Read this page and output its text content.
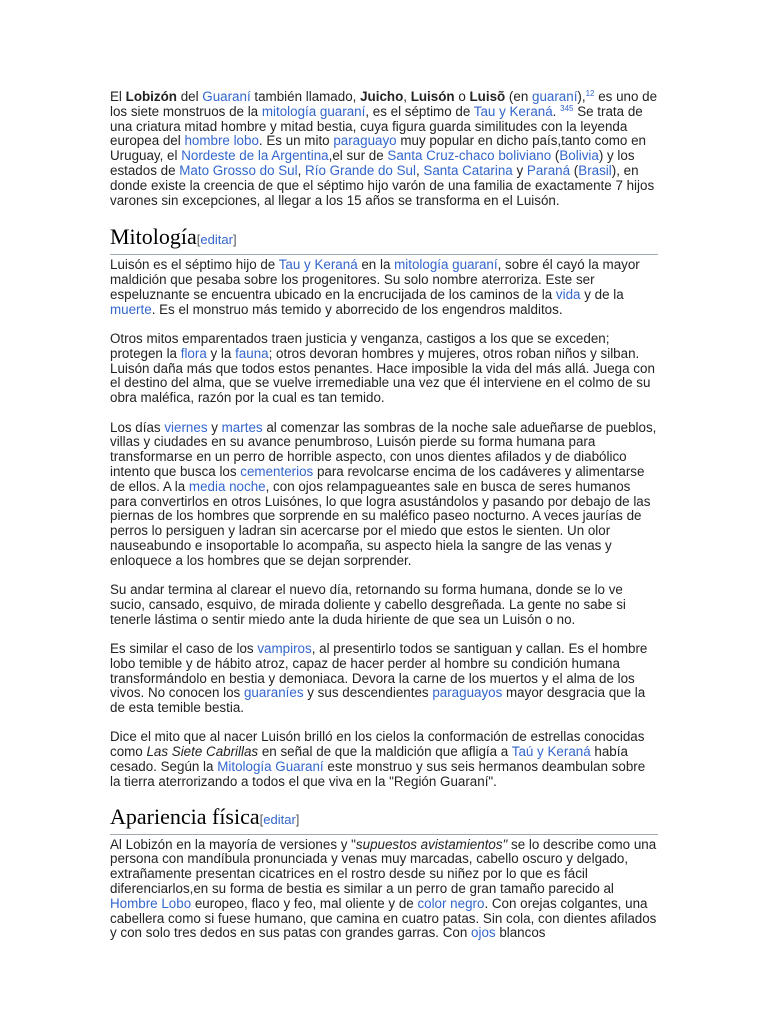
El Lobizón del Guaraní también llamado, Juicho, Luisón o Luisõ (en guaraní),$^{12}$ es uno de los siete monstruos de la mitología guaraní, es el séptimo de Tau y Keraná. $^{345}$ Se trata de una criatura mitad hombre y mitad bestia, cuya figura guarda similitudes con la leyenda europea del hombre lobo. Es un mito paraguayo muy popular en dicho país,tanto como en Uruguay, el Nordeste de la Argentina,el sur de Santa Cruz-chaco boliviano (Bolivia) y los estados de Mato Grosso do Sul, Río Grande do Sul, Santa Catarina y Paraná (Brasil), en donde existe la creencia de que el séptimo hijo varón de una familia de exactamente 7 hijos varones sin excepciones, al llegar a los 15 años se transforma en el Luisón.

Mitología[editar]

Luisón es el séptimo hijo de Tau y Keraná en la mitología guaraní, sobre él cayó la mayor maldición que pesaba sobre los progenitores. Su solo nombre aterroriza. Este ser espeluznante se encuentra ubicado en la encrucijada de los caminos de la vida y de la muerte. Es el monstruo más temido y aborrecido de los engendros malditos.

Otros mitos emparentados traen justicia y venganza, castigos a los que se exceden; protegen la flora y la fauna; otros devoran hombres y mujeres, otros roban niños y silban. Luisón daña más que todos estos penantes. Hace imposible la vida del más allá. Juega con el destino del alma, que se vuelve irremediable una vez que él interviene en el colmo de su obra maléfica, razón por la cual es tan temido.

Los días viernes y martes al comenzar las sombras de la noche sale adueñarse de pueblos, villas y ciudades en su avance penumbroso, Luisón pierde su forma humana para transformarse en un perro de horrible aspecto, con unos dientes afilados y de diabólico intento que busca los cementerios para revolcarse encima de los cadáveres y alimentarse de ellos. A la media noche, con ojos relampagueantes sale en busca de seres humanos para convertirlos en otros Luisónes, lo que logra asustándolos y pasando por debajo de las piernas de los hombres que sorprende en su maléfico paseo nocturno. A veces jaurías de perros lo persiguen y ladran sin acercarse por el miedo que estos le sienten. Un olor nauseabundo e insoportable lo acompaña, su aspecto hiela la sangre de las venas y enloquece a los hombres que se dejan sorprender.

Su andar termina al clarear el nuevo día, retornando su forma humana, donde se lo ve sucio, cansado, esquivo, de mirada doliente y cabello desgreñada. La gente no sabe si tenerle lástima o sentir miedo ante la duda hiriente de que sea un Luisón o no.

Es similar el caso de los vampiros, al presentirlo todos se santiguan y callan. Es el hombre lobo temible y de hábito atroz, capaz de hacer perder al hombre su condición humana transformándolo en bestia y demoniaca. Devora la carne de los muertos y el alma de los vivos. No conocen los guaraníes y sus descendientes paraguayos mayor desgracia que la de esta temible bestia.

Dice el mito que al nacer Luisón brilló en los cielos la conformación de estrellas conocidas como Las Siete Cabrillas en señal de que la maldición que afligía a Taú y Keraná había cesado. Según la Mitología Guaraní este monstruo y sus seis hermanos deambulan sobre la tierra aterrorizando a todos el que viva en la "Región Guaraní".

Apariencia física[editar]

Al Lobizón en la mayoría de versiones y "supuestos avistamientos" se lo describe como una persona con mandíbula pronunciada y venas muy marcadas, cabello oscuro y delgado, extrañamente presentan cicatrices en el rostro desde su niñez por lo que es fácil diferenciarlos,en su forma de bestia es similar a un perro de gran tamaño parecido al Hombre Lobo europeo, flaco y feo, mal oliente y de color negro. Con orejas colgantes, una cabellera como si fuese humano, que camina en cuatro patas. Sin cola, con dientes afilados y con solo tres dedos en sus patas con grandes garras. Con ojos blancos
